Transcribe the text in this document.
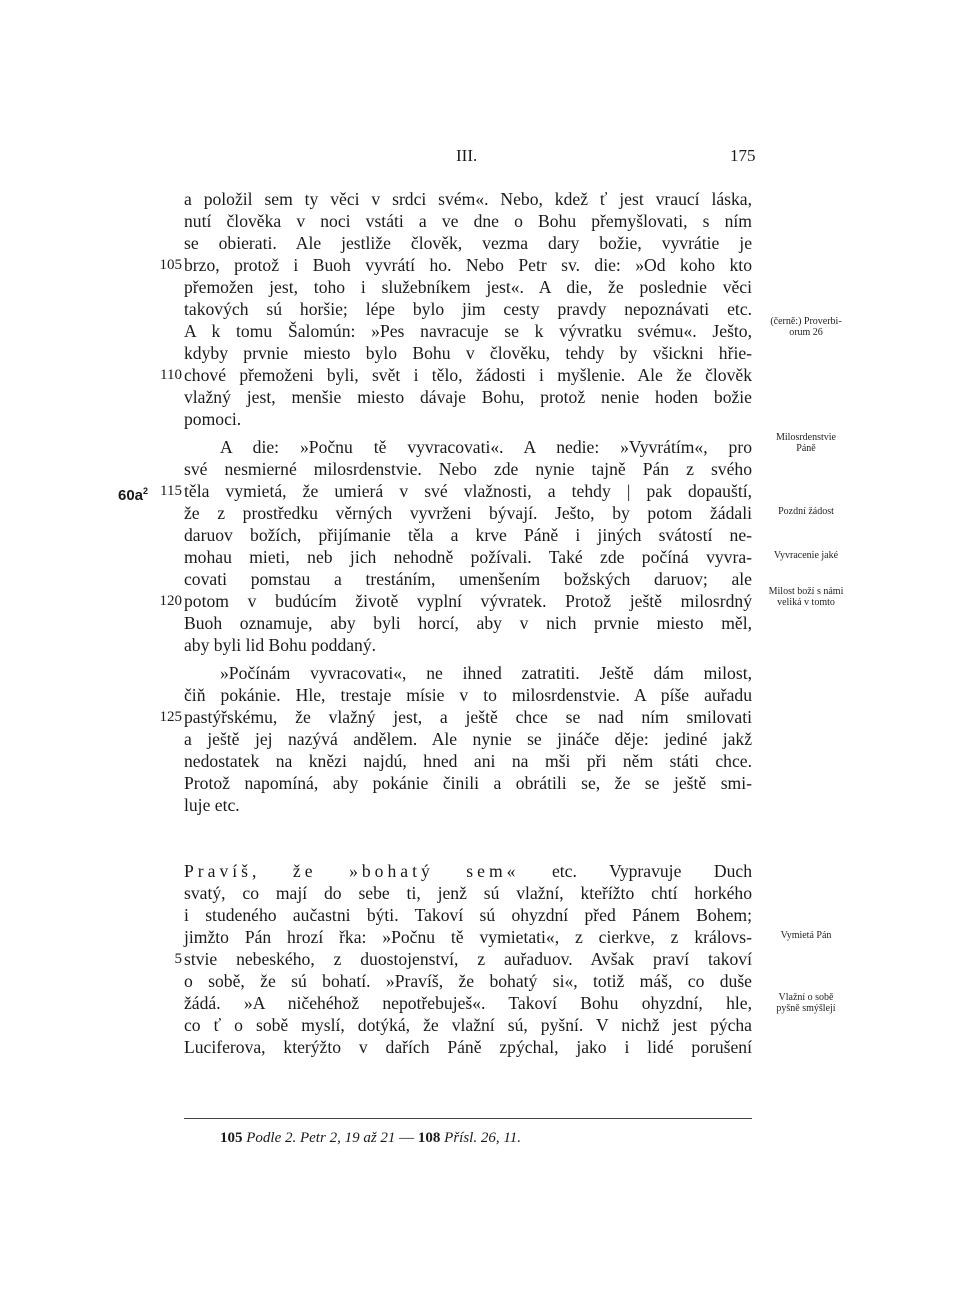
III.	175
a položil sem ty věci v srdci svém«. Nebo, kdež ť jest vraucí láska,
nutí člověka v noci vstáti a ve dne o Bohu přemyšlovati, s ním
se obierati. Ale jestliže člověk, vezma dary božie, vyvrátie je
brzo, protož i Buoh vyvrátí ho. Nebo Petr sv. die: »Od koho kto
přemožen jest, toho i služebníkem jest«. A die, že poslednie věci
takových sú horšie; lépe bylo jim cesty pravdy nepoznávati etc.
A k tomu Šalomún: »Pes navracuje se k vývratku svému«. Ješto,
kdyby prvnie miesto bylo Bohu v člověku, tehdy by všickni hřie-
chové přemoženi byli, svět i tělo, žádosti i myšlenie. Ale že člověk
vlažný jest, menšie miesto dávaje Bohu, protož nenie hoden božie
pomoci.
A die: »Počnu tě vyvracovati«. A nedie: »Vyvrátím«, pro
své nesmierné milosrdenstvie. Nebo zde nynie tajně Pán z svého
těla vymietá, že umierá v své vlažnosti, a tehdy | pak dopauští,
že z prostředku věrných vyvrženi bývají. Ješto, by potom žádali
daruov božích, přijímanie těla a krve Páně i jiných svátostí ne-
mohau mieti, neb jich nehodně požívali. Také zde počíná vyvra-
covati pomstau a trestáním, umenšením božských daruov; ale
potom v budúcím životě vyplní vývratek. Protož ještě milosrdný
Buoh oznamuje, aby byli horcí, aby v nich prvnie miesto měl,
aby byli lid Bohu poddaný.
»Počínám vyvracovati«, ne ihned zatratiti. Ještě dám milost,
čiň pokánie. Hle, trestaje mísie v to milosrdenstvie. A píše auřadu
pastýřskému, že vlažný jest, a ještě chce se nad ním smilovati
a ještě jej nazývá andělem. Ale nynie se jináče děje: jediné jakž
nedostatek na knězi najdú, hned ani na mši při něm státi chce.
Protož napomíná, aby pokánie činili a obrátili se, že se ještě smi-
luje etc.
105
110
115
120
125
$60a^2$
Pravíš, že »bohatý sem« etc. Vypravuje Duch
svatý, co mají do sebe ti, jenž sú vlažní, kteřížto chtí horkého
i studeného aučastni býti. Takoví sú ohyzdní před Pánem Bohem;
jimžto Pán hrozí řka: »Počnu tě vymietati«, z cierkve, z královs-
stvie nebeského, z duostojenství, z auřaduov. Avšak praví takoví
o sobě, že sú bohatí. »Pravíš, že bohatý si«, totiž máš, co duše
žádá. »A ničehéhož nepotřebuješ«. Takoví Bohu ohyzdní, hle,
co ť o sobě myslí, dotýká, že vlažní sú, pyšní. V nichž jest pýcha
Luciferova, kterýžto v dařích Páně zpýchal, jako i lidé porušení
5
(černě:) Proverbi-
orum 26
Milosrdenstvie
Páně
Pozdní žádost
Vyvracenie jaké
Milost boží s námi
veliká v tomto
Vymietá Pán
Vlažní o sobě
pyšně smýšlejí
105 Podle 2. Petr 2, 19 až 21 — 108 Přísl. 26, 11.
